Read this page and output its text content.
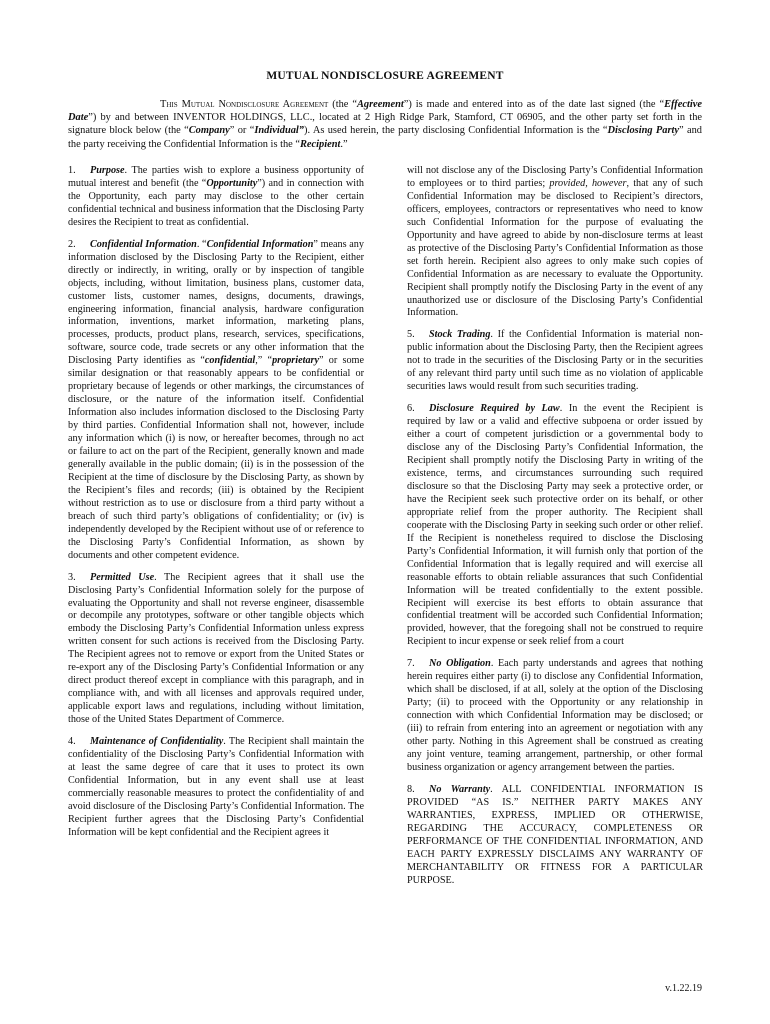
MUTUAL NONDISCLOSURE AGREEMENT
This Mutual Nondisclosure Agreement (the “Agreement”) is made and entered into as of the date last signed (the “Effective Date”) by and between INVENTOR HOLDINGS, LLC., located at 2 High Ridge Park, Stamford, CT 06905, and the other party set forth in the signature block below (the “Company” or “Individual”). As used herein, the party disclosing Confidential Information is the “Disclosing Party” and the party receiving the Confidential Information is the “Recipient.”

1. Purpose. The parties wish to explore a business opportunity of mutual interest and benefit (the “Opportunity”) and in connection with the Opportunity, each party may disclose to the other certain confidential technical and business information that the Disclosing Party desires the Recipient to treat as confidential.

2. Confidential Information. “Confidential Information” means any information disclosed by the Disclosing Party to the Recipient, either directly or indirectly, in writing, orally or by inspection of tangible objects, including, without limitation, business plans, customer data, customer lists, customer names, designs, documents, drawings, engineering information, financial analysis, hardware configuration information, inventions, market information, marketing plans, processes, products, product plans, research, services, specifications, software, source code, trade secrets or any other information that the Disclosing Party identifies as “confidential,” “proprietary” or some similar designation or that reasonably appears to be confidential or proprietary because of legends or other markings, the circumstances of disclosure, or the nature of the information itself. Confidential Information also includes information disclosed to the Disclosing Party by third parties. Confidential Information shall not, however, include any information which (i) is now, or hereafter becomes, through no act or failure to act on the part of the Recipient, generally known and made generally available in the public domain; (ii) is in the possession of the Recipient at the time of disclosure by the Disclosing Party, as shown by the Recipient’s files and records; (iii) is obtained by the Recipient without restriction as to use or disclosure from a third party without a breach of such third party’s obligations of confidentiality; or (iv) is independently developed by the Recipient without use of or reference to the Disclosing Party’s Confidential Information, as shown by documents and other competent evidence.

3. Permitted Use. The Recipient agrees that it shall use the Disclosing Party’s Confidential Information solely for the purpose of evaluating the Opportunity and shall not reverse engineer, disassemble or decompile any prototypes, software or other tangible objects which embody the Disclosing Party’s Confidential Information unless express written consent for such actions is received from the Disclosing Party. The Recipient agrees not to remove or export from the United States or re-export any of the Disclosing Party’s Confidential Information or any direct product thereof except in compliance with this paragraph, and in compliance with, and with all licenses and approvals required under, applicable export laws and regulations, including without limitation, those of the United States Department of Commerce.

4. Maintenance of Confidentiality. The Recipient shall maintain the confidentiality of the Disclosing Party’s Confidential Information with at least the same degree of care that it uses to protect its own Confidential Information, but in any event shall use at least commercially reasonable measures to protect the confidentiality of and avoid disclosure of the Disclosing Party’s Confidential Information. The Recipient further agrees that the Disclosing Party’s Confidential Information will be kept confidential and the Recipient agrees it

will not disclose any of the Disclosing Party’s Confidential Information to employees or to third parties; provided, however, that any of such Confidential Information may be disclosed to Recipient’s directors, officers, employees, contractors or representatives who need to know such Confidential Information for the purpose of evaluating the Opportunity and have agreed to abide by non-disclosure terms at least as protective of the Disclosing Party’s Confidential Information as those set forth herein. Recipient also agrees to only make such copies of Confidential Information as are necessary to evaluate the Opportunity. Recipient shall promptly notify the Disclosing Party in the event of any unauthorized use or disclosure of the Disclosing Party’s Confidential Information.

5. Stock Trading. If the Confidential Information is material non-public information about the Disclosing Party, then the Recipient agrees not to trade in the securities of the Disclosing Party or in the securities of any relevant third party until such time as no violation of applicable securities laws would result from such securities trading.

6. Disclosure Required by Law. In the event the Recipient is required by law or a valid and effective subpoena or order issued by either a court of competent jurisdiction or a governmental body to disclose any of the Disclosing Party’s Confidential Information, the Recipient shall promptly notify the Disclosing Party in writing of the existence, terms, and circumstances surrounding such required disclosure so that the Disclosing Party may seek a protective order, or have the Recipient seek such protective order on its behalf, or other appropriate relief from the proper authority. The Recipient shall cooperate with the Disclosing Party in seeking such order or other relief. If the Recipient is nonetheless required to disclose the Disclosing Party’s Confidential Information, it will furnish only that portion of the Confidential Information that is legally required and will exercise all reasonable efforts to obtain reliable assurances that such Confidential Information will be treated confidentially to the extent possible. Recipient will exercise its best efforts to obtain assurance that confidential treatment will be accorded such Confidential Information; provided, however, that the foregoing shall not be construed to require Recipient to incur expense or seek relief from a court

7. No Obligation. Each party understands and agrees that nothing herein requires either party (i) to disclose any Confidential Information, which shall be disclosed, if at all, solely at the option of the Disclosing Party; (ii) to proceed with the Opportunity or any relationship in connection with which Confidential Information may be disclosed; or (iii) to refrain from entering into an agreement or negotiation with any other party. Nothing in this Agreement shall be construed as creating any joint venture, teaming arrangement, partnership, or other formal business organization or agency arrangement between the parties.

8. No Warranty. ALL CONFIDENTIAL INFORMATION IS PROVIDED “AS IS.” NEITHER PARTY MAKES ANY WARRANTIES, EXPRESS, IMPLIED OR OTHERWISE, REGARDING THE ACCURACY, COMPLETENESS OR PERFORMANCE OF THE CONFIDENTIAL INFORMATION, AND EACH PARTY EXPRESSLY DISCLAIMS ANY WARRANTY OF MERCHANTABILITY OR FITNESS FOR A PARTICULAR PURPOSE.

v.1.22.19
